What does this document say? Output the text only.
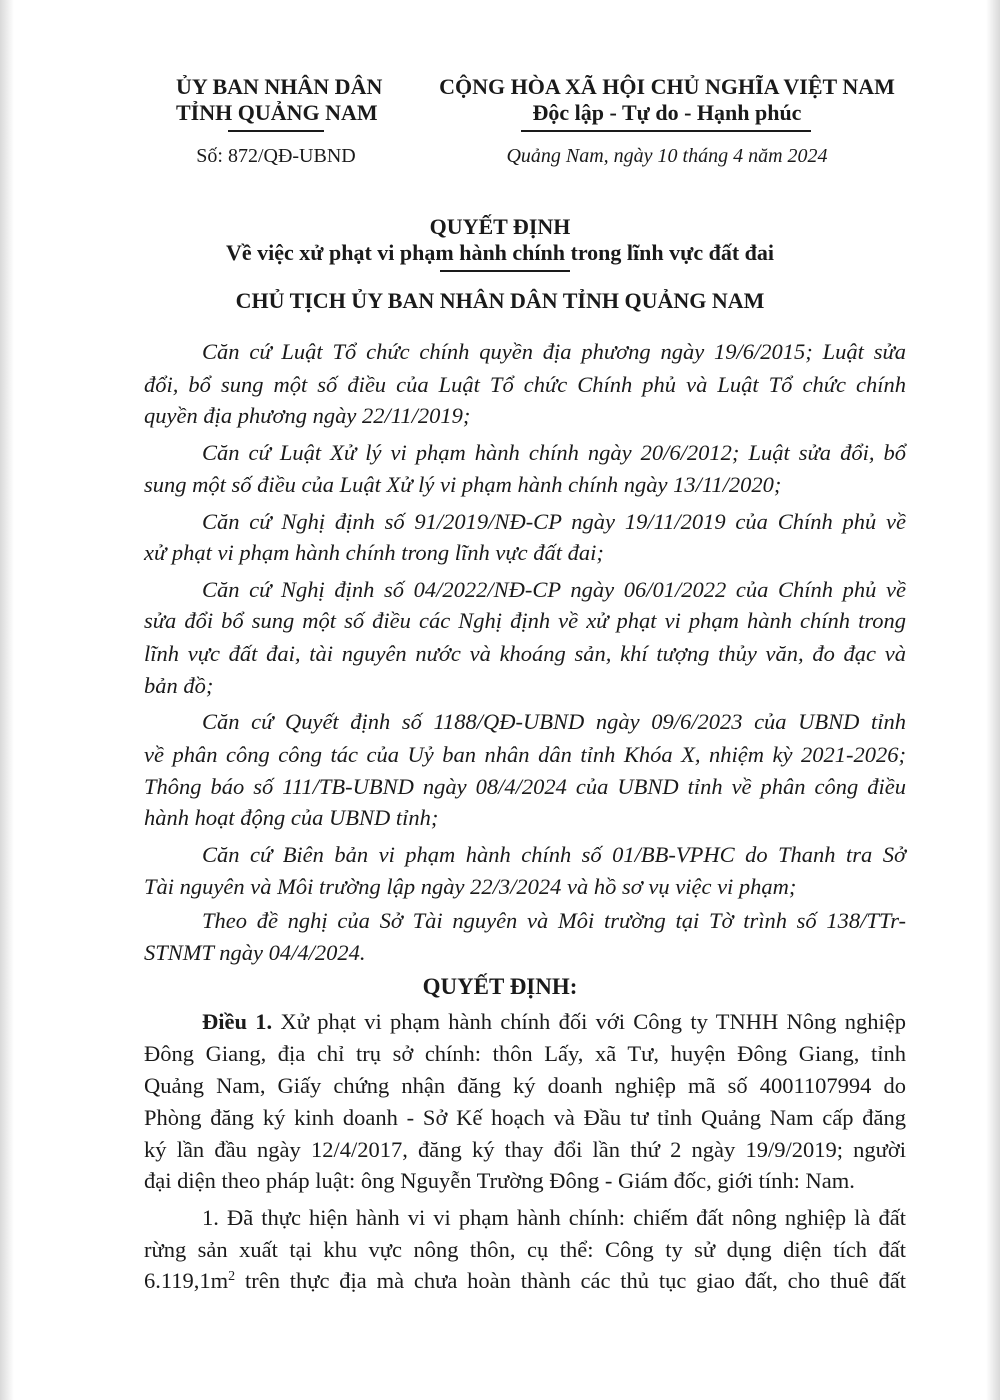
ỦY BAN NHÂN DÂN
TỈNH QUẢNG NAM
CỘNG HÒA XÃ HỘI CHỦ NGHĨA VIỆT NAM
Độc lập - Tự do - Hạnh phúc
Số: 872/QĐ-UBND	Quảng Nam, ngày 10 tháng 4 năm 2024
QUYẾT ĐỊNH
Về việc xử phạt vi phạm hành chính trong lĩnh vực đất đai
CHỦ TỊCH ỦY BAN NHÂN DÂN TỈNH QUẢNG NAM
Căn cứ Luật Tổ chức chính quyền địa phương ngày 19/6/2015; Luật sửa
đổi, bổ sung một số điều của Luật Tổ chức Chính phủ và Luật Tổ chức chính
quyền địa phương ngày 22/11/2019;
Căn cứ Luật Xử lý vi phạm hành chính ngày 20/6/2012; Luật sửa đổi, bổ
sung một số điều của Luật Xử lý vi phạm hành chính ngày 13/11/2020;
Căn cứ Nghị định số 91/2019/NĐ-CP ngày 19/11/2019 của Chính phủ về
xử phạt vi phạm hành chính trong lĩnh vực đất đai;
Căn cứ Nghị định số 04/2022/NĐ-CP ngày 06/01/2022 của Chính phủ về
sửa đổi bổ sung một số điều các Nghị định về xử phạt vi phạm hành chính trong
lĩnh vực đất đai, tài nguyên nước và khoáng sản, khí tượng thủy văn, đo đạc và
bản đồ;
Căn cứ Quyết định số 1188/QĐ-UBND ngày 09/6/2023 của UBND tỉnh
về phân công công tác của Uỷ ban nhân dân tỉnh Khóa X, nhiệm kỳ 2021-2026;
Thông báo số 111/TB-UBND ngày 08/4/2024 của UBND tỉnh về phân công điều
hành hoạt động của UBND tỉnh;
Căn cứ Biên bản vi phạm hành chính số 01/BB-VPHC do Thanh tra Sở
Tài nguyên và Môi trường lập ngày 22/3/2024 và hồ sơ vụ việc vi phạm;
Theo đề nghị của Sở Tài nguyên và Môi trường tại Tờ trình số 138/TTr-
STNMT ngày 04/4/2024.
QUYẾT ĐỊNH:
Điều 1. Xử phạt vi phạm hành chính đối với Công ty TNHH Nông nghiệp
Đông Giang, địa chỉ trụ sở chính: thôn Lấy, xã Tư, huyện Đông Giang, tỉnh
Quảng Nam, Giấy chứng nhận đăng ký doanh nghiệp mã số 4001107994 do
Phòng đăng ký kinh doanh - Sở Kế hoạch và Đầu tư tỉnh Quảng Nam cấp đăng
ký lần đầu ngày 12/4/2017, đăng ký thay đổi lần thứ 2 ngày 19/9/2019; người
đại diện theo pháp luật: ông Nguyễn Trường Đông - Giám đốc, giới tính: Nam.
1. Đã thực hiện hành vi vi phạm hành chính: chiếm đất nông nghiệp là đất
rừng sản xuất tại khu vực nông thôn, cụ thể: Công ty sử dụng diện tích đất
$6.119,1m^2$ trên thực địa mà chưa hoàn thành các thủ tục giao đất, cho thuê đất
